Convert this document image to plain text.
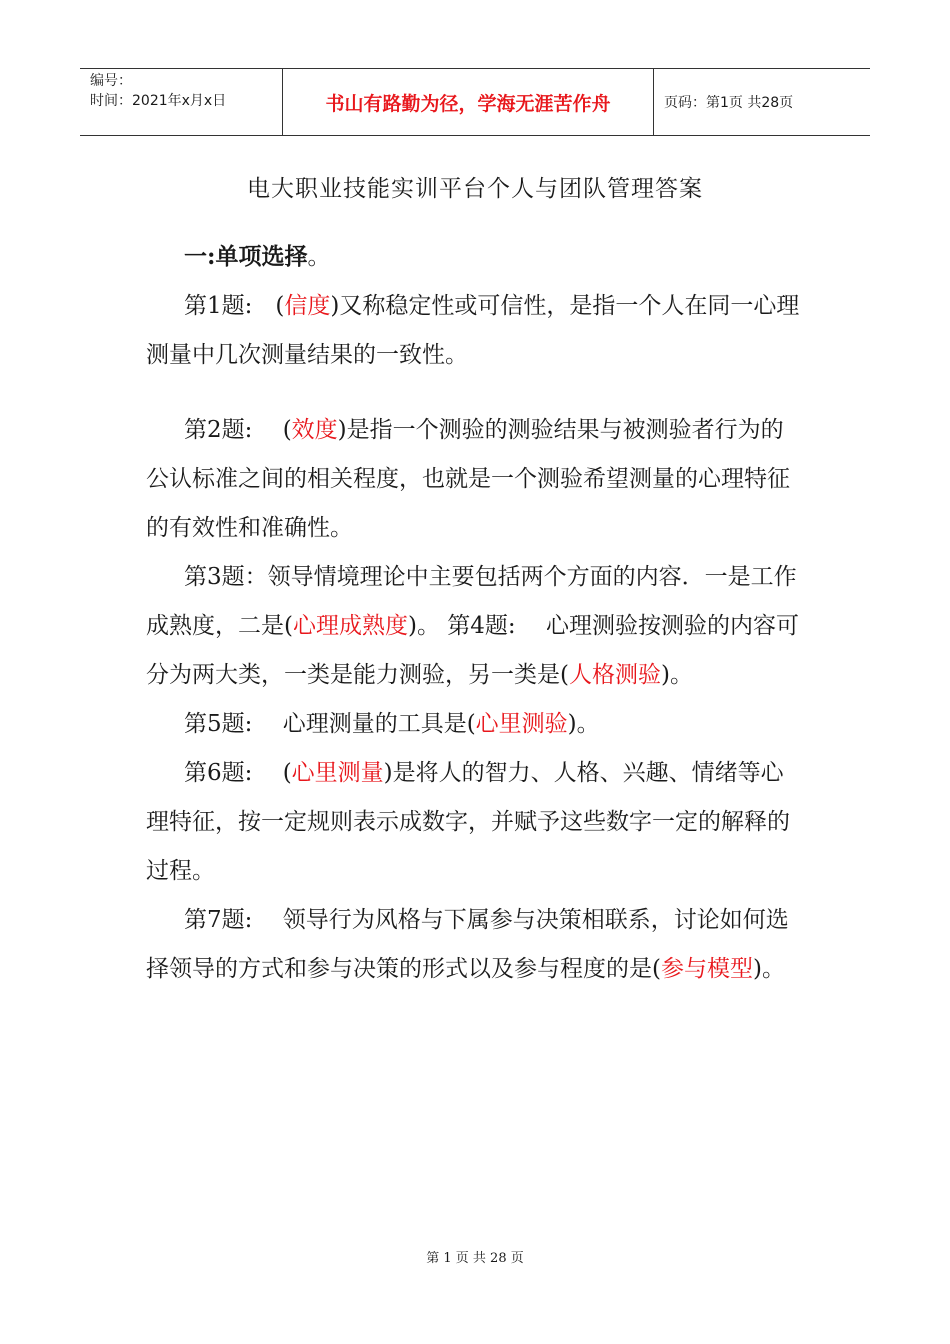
编号：
时间：2021年x月x日	书山有路勤为径，学海无涯苦作舟	页码：第1页 共28页
电大职业技能实训平台个人与团队管理答案

一:单项选择。

第1题:　(信度)又称稳定性或可信性，是指一个人在同一心理测量中几次测量结果的一致性。

第2题:　 (效度)是指一个测验的测验结果与被测验者行为的公认标准之间的相关程度，也就是一个测验希望测量的心理特征的有效性和准确性。

第3题：领导情境理论中主要包括两个方面的内容．一是工作成熟度，二是(心理成熟度)。 第4题:　 心理测验按测验的内容可分为两大类，一类是能力测验，另一类是(人格测验)。

第5题:　 心理测量的工具是(心里测验)。

第6题:　 (心里测量)是将人的智力、人格、兴趣、情绪等心理特征，按一定规则表示成数字，并赋予这些数字一定的解释的过程。

第7题:　 领导行为风格与下属参与决策相联系，讨论如何选择领导的方式和参与决策的形式以及参与程度的是(参与模型)。

第 1 页 共 28 页
